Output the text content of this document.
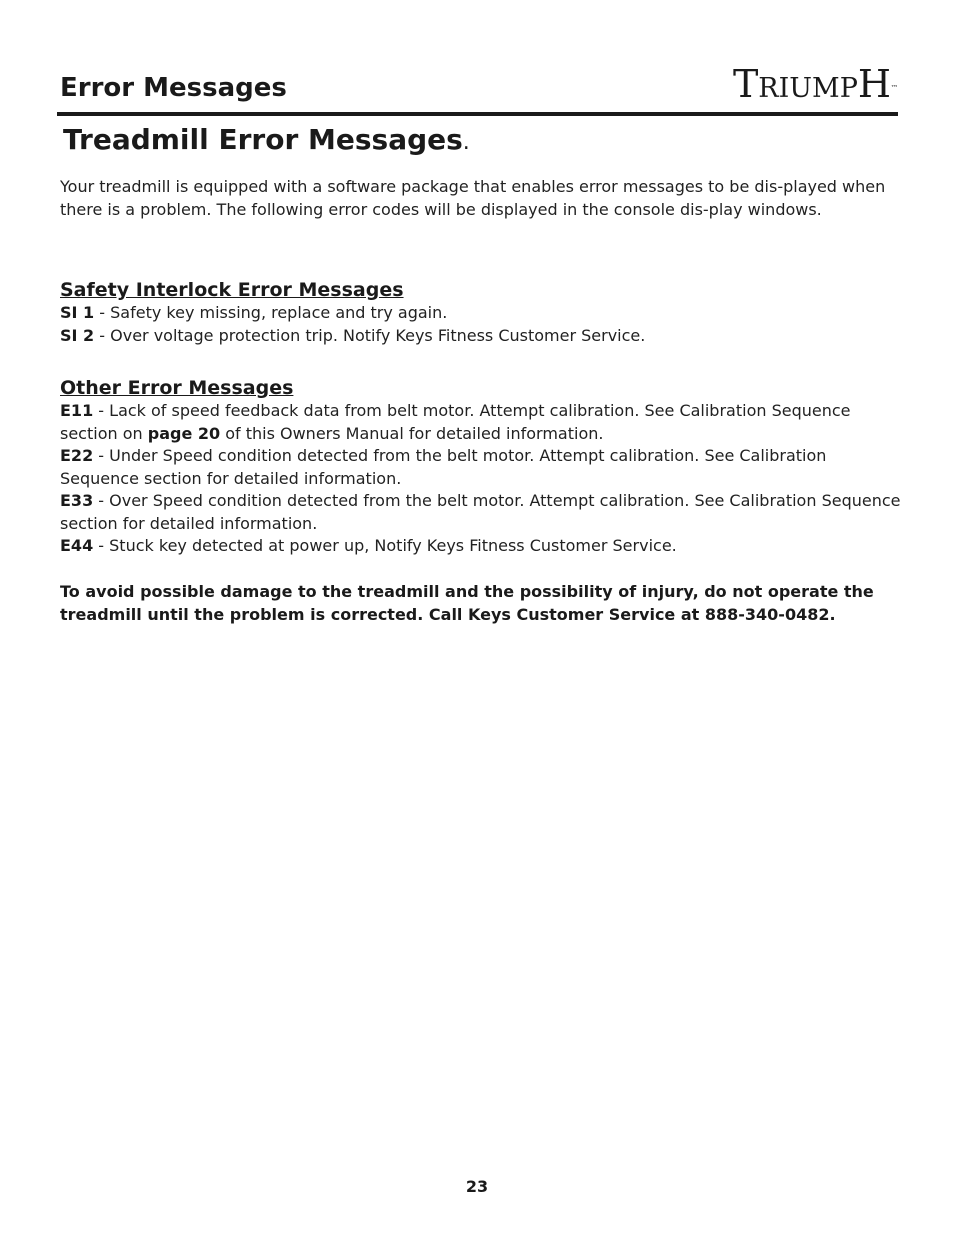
Error Messages	TRIUMPH™
Treadmill Error Messages.

Your treadmill is equipped with a software package that enables error messages to be dis-played when there is a problem. The following error codes will be displayed in the console dis-play windows.

Safety Interlock Error Messages

SI 1 - Safety key missing, replace and try again.

SI 2 - Over voltage protection trip. Notify Keys Fitness Customer Service.

Other Error Messages

E11 - Lack of speed feedback data from belt motor. Attempt calibration. See Calibration Sequence section on page 20 of this Owners Manual for detailed information.

E22 - Under Speed condition detected from the belt motor. Attempt calibration. See Calibration Sequence section for detailed information.

E33 - Over Speed condition detected from the belt motor. Attempt calibration. See Calibration Sequence section for detailed information.

E44 - Stuck key detected at power up, Notify Keys Fitness Customer Service.

To avoid possible damage to the treadmill and the possibility of injury, do not operate the treadmill until the problem is corrected. Call Keys Customer Service at 888-340-0482.

23
